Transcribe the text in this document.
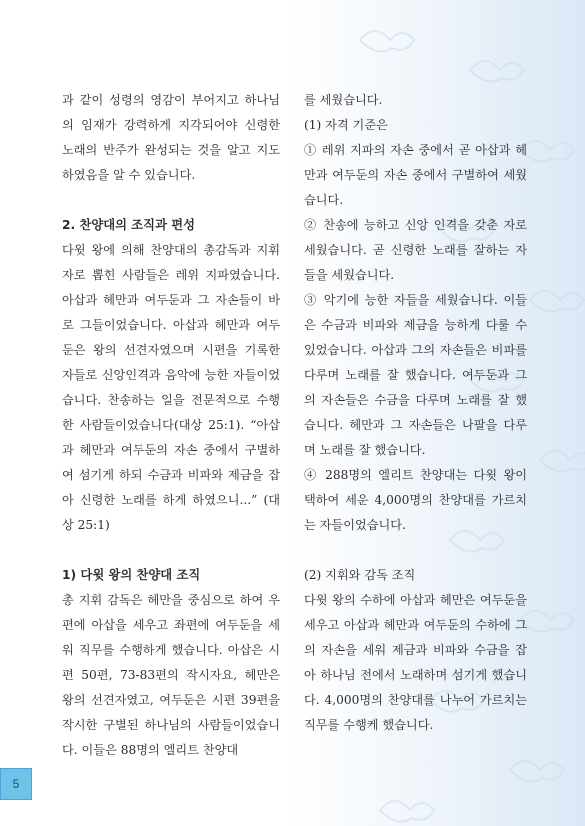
과 같이 성령의 영감이 부어지고 하나님의 임재가 강력하게 지각되어야 신령한 노래의 반주가 완성되는 것을 알고 지도하였음을 알 수 있습니다.

2. 찬양대의 조직과 편성

다윗 왕에 의해 찬양대의 총감독과 지휘자로 뽑힌 사람들은 레위 지파였습니다. 아삽과 헤만과 여두둔과 그 자손들이 바로 그들이었습니다. 아삽과 헤만과 여두둔은 왕의 선견자였으며 시편을 기록한 자들로 신앙인격과 음악에 능한 자들이었습니다. 찬송하는 일을 전문적으로 수행한 사람들이었습니다(대상 25:1). “아삽과 헤만과 여두둔의 자손 중에서 구별하여 섬기게 하되 수금과 비파와 제금을 잡아 신령한 노래를 하게 하였으니...” (대상 25:1)

1) 다윗 왕의 찬양대 조직

총 지휘 감독은 헤만을 중심으로 하여 우편에 아삽을 세우고 좌편에 여두둔을 세워 직무를 수행하게 했습니다. 아삽은 시편 50편, 73-83편의 작시자요, 헤만은 왕의 선견자였고, 여두둔은 시편 39편을 작시한 구별된 하나님의 사람들이었습니다. 이들은 88명의 엘리트 찬양대

를 세웠습니다.

(1) 자격 기준은

① 레위 지파의 자손 중에서 곧 아삽과 헤만과 여두둔의 자손 중에서 구별하여 세웠습니다.

② 찬송에 능하고 신앙 인격을 갖춘 자로 세웠습니다. 곧 신령한 노래를 잘하는 자들을 세웠습니다.

③ 악기에 능한 자들을 세웠습니다. 이들은 수금과 비파와 제금을 능하게 다룰 수 있었습니다. 아삽과 그의 자손들은 비파를 다루며 노래를 잘 했습니다. 여두둔과 그의 자손들은 수금을 다루며 노래를 잘 했습니다. 헤만과 그 자손들은 나팔을 다루며 노래를 잘 했습니다.

④ 288명의 엘리트 찬양대는 다윗 왕이 택하여 세운 4,000명의 찬양대를 가르치는 자들이었습니다.

(2) 지휘와 감독 조직

다윗 왕의 수하에 아삽과 헤만은 여두둔을 세우고 아삽과 헤만과 여두둔의 수하에 그의 자손을 세워 제금과 비파와 수금을 잡아 하나님 전에서 노래하며 섬기게 했습니다. 4,000명의 찬양대를 나누어 가르치는 직무를 수행케 했습니다.

5
